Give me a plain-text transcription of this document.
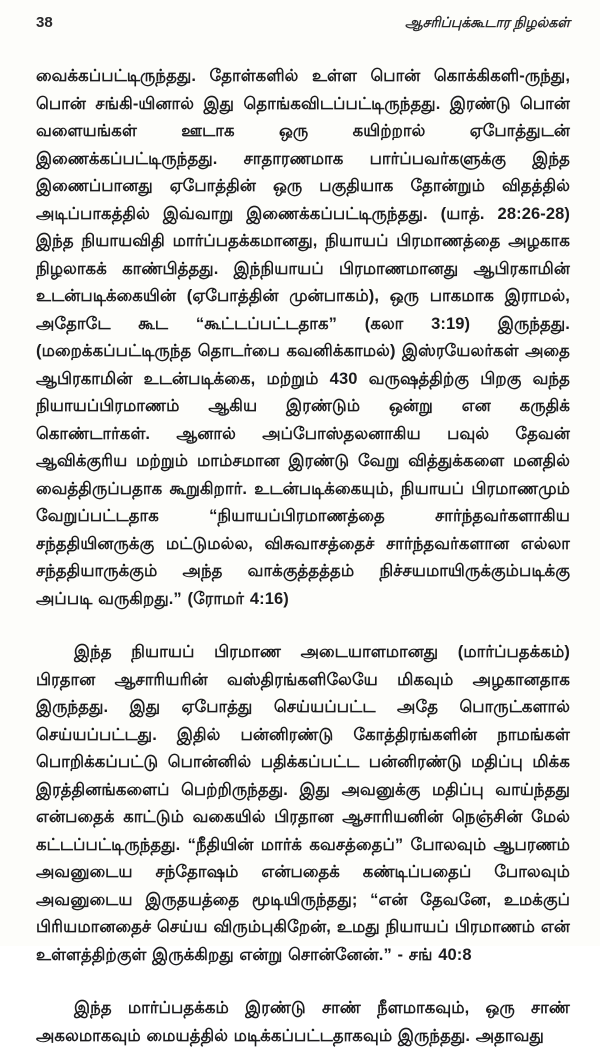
38	ஆசரிப்புக்கூடார நிழல்கள்

வைக்கப்பட்டிருந்தது. தோள்களில் உள்ள பொன் கொக்கிகளி-ருந்து, பொன் சங்கி-யினால் இது தொங்கவிடப்பட்டிருந்தது. இரண்டு பொன் வளையங்கள் ஊடாக ஒரு கயிற்றால் ஏபோத்துடன் இணைக்கப்பட்டிருந்தது. சாதாரணமாக பார்ப்பவர்களுக்கு இந்த இணைப்பானது ஏபோத்தின் ஒரு பகுதியாக தோன்றும் விதத்தில் அடிப்பாகத்தில் இவ்வாறு இணைக்கப்பட்டிருந்தது. (யாத். 28:26-28) இந்த நியாயவிதி மார்ப்பதக்கமானது, நியாயப் பிரமாணத்தை அழகாக நிழலாகக் காண்பித்தது. இந்நியாயப் பிரமாணமானது ஆபிரகாமின் உடன்படிக்கையின் (ஏபோத்தின் முன்பாகம்), ஒரு பாகமாக இராமல், அதோடே கூட “கூட்டப்பட்டதாக” (கலா 3:19) இருந்தது. (மறைக்கப்பட்டிருந்த தொடர்பை கவனிக்காமல்) இஸ்ரயேலர்கள் அதை ஆபிரகாமின் உடன்படிக்கை, மற்றும் 430 வருஷத்திற்கு பிறகு வந்த நியாயப்பிரமாணம் ஆகிய இரண்டும் ஒன்று என கருதிக் கொண்டார்கள். ஆனால் அப்போஸ்தலனாகிய பவுல் தேவன் ஆவிக்குரிய மற்றும் மாம்சமான இரண்டு வேறு வித்துக்களை மனதில் வைத்திருப்பதாக கூறுகிறார். உடன்படிக்கையும், நியாயப் பிரமாணமும் வேறுப்பட்டதாக “நியாயப்பிரமாணத்தை சார்ந்தவர்களாகிய சந்ததியினருக்கு மட்டுமல்ல, விசுவாசத்தைச் சார்ந்தவர்களான எல்லா சந்ததியாருக்கும் அந்த வாக்குத்தத்தம் நிச்சயமாயிருக்கும்படிக்கு அப்படி வருகிறது.” (ரோமர் 4:16)

இந்த நியாயப் பிரமாண அடையாளமானது (மார்ப்பதக்கம்) பிரதான ஆசாரியரின் வஸ்திரங்களிலேயே மிகவும் அழகானதாக இருந்தது. இது ஏபோத்து செய்யப்பட்ட அதே பொருட்களால் செய்யப்பட்டது. இதில் பன்னிரண்டு கோத்திரங்களின் நாமங்கள் பொறிக்கப்பட்டு பொன்னில் பதிக்கப்பட்ட பன்னிரண்டு மதிப்பு மிக்க இரத்தினங்களைப் பெற்றிருந்தது. இது அவனுக்கு மதிப்பு வாய்ந்தது என்பதைக் காட்டும் வகையில் பிரதான ஆசாரியனின் நெஞ்சின் மேல் கட்டப்பட்டிருந்தது. “நீதியின் மார்க் கவசத்தைப்” போலவும் ஆபரணம் அவனுடைய சந்தோஷம் என்பதைக் கண்டிப்பதைப் போலவும் அவனுடைய இருதயத்தை மூடியிருந்தது; “என் தேவனே, உமக்குப் பிரியமானதைச் செய்ய விரும்புகிறேன், உமது நியாயப் பிரமாணம் என் உள்ளத்திற்குள் இருக்கிறது என்று சொன்னேன்.” - சங் 40:8

இந்த மார்ப்பதக்கம் இரண்டு சாண் நீளமாகவும், ஒரு சாண் அகலமாகவும் மையத்தில் மடிக்கப்பட்டதாகவும் இருந்தது. அதாவது
